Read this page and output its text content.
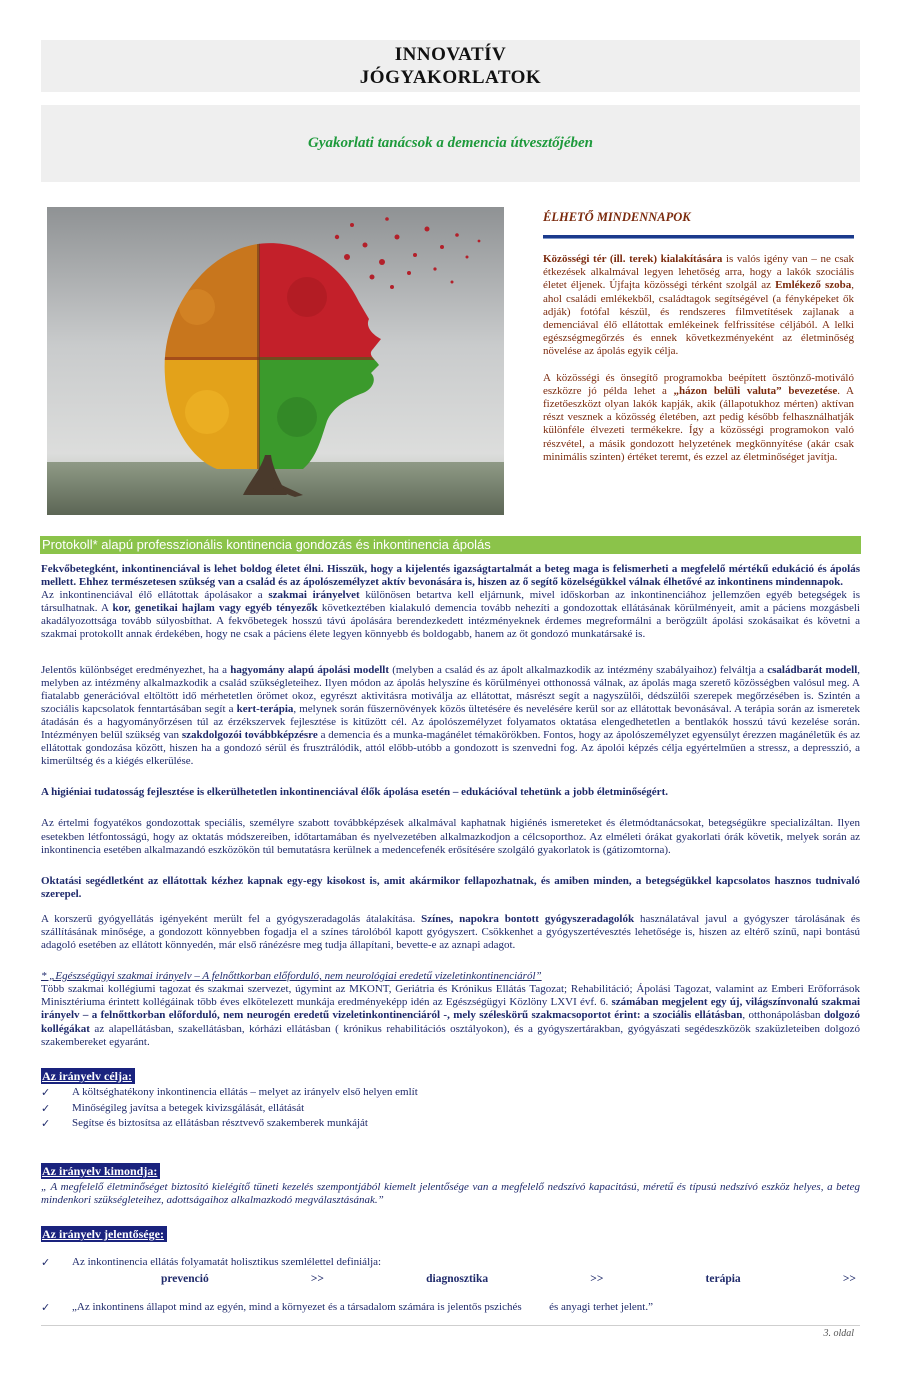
INNOVATÍV
JÓGYAKORLATOK
Gyakorlati tanácsok a demencia útvesztőjében
ÉLHETŐ MINDENNAPOK

Közösségi tér (ill. terek) kialakítására is valós igény van – ne csak étkezések alkalmával legyen lehetőség arra, hogy a lakók szociális életet éljenek. Újfajta közösségi térként szolgál az Emlékező szoba, ahol családi emlékekből, családtagok segítségével (a fényképeket ők adják) fotófal készül, és rendszeres filmvetítések zajlanak a demenciával élő ellátottak emlékeinek felfrissítése céljából. A lelki egészségmegőrzés és ennek következményeként az életminőség növelése az ápolás egyik célja.

A közösségi és önsegítő programokba beépített ösztönző-motiváló eszközre jó példa lehet a „házon belüli valuta” bevezetése. A fizetőeszközt olyan lakók kapják, akik (állapotukhoz mérten) aktívan részt vesznek a közösség életében, azt pedig később felhasználhatják különféle élvezeti termékekre. Így a közösségi programokon való részvétel, a másik gondozott helyzetének megkönnyítése (akár csak minimális szinten) értéket teremt, és ezzel az életminőséget javítja.

Protokoll* alapú professzionális kontinencia gondozás és inkontinencia ápolás

Fekvőbetegként, inkontinenciával is lehet boldog életet élni. Hisszük, hogy a kijelentés igazságtartalmát a beteg maga is felismerheti a megfelelő mértékű edukáció és ápolás mellett. Ehhez természetesen szükség van a család és az ápolószemélyzet aktív bevonására is, hiszen az ő segítő közelségükkel válnak élhetővé az inkontinens mindennapok.

Az inkontinenciával élő ellátottak ápolásakor a szakmai irányelvet különösen betartva kell eljárnunk, mivel időskorban az inkontinenciához jellemzően egyéb betegségek is társulhatnak. A kor, genetikai hajlam vagy egyéb tényezők következtében kialakuló demencia tovább nehezíti a gondozottak ellátásának körülményeit, amit a páciens mozgásbeli akadályozottsága tovább súlyosbíthat. A fekvőbetegek hosszú távú ápolására berendezkedett intézményeknek érdemes megreformálni a berögzült ápolási szokásaikat és követni a szakmai protokollt annak érdekében, hogy ne csak a páciens élete legyen könnyebb és boldogabb, hanem az őt gondozó munkatársaké is.

Jelentős különbséget eredményezhet, ha a hagyomány alapú ápolási modellt (melyben a család és az ápolt alkalmazkodik az intézmény szabályaihoz) felváltja a családbarát modell, melyben az intézmény alkalmazkodik a család szükségleteihez. Ilyen módon az ápolás helyszíne és körülményei otthonossá válnak, az ápolás maga szerető közösségben valósul meg. A fiatalabb generációval eltöltött idő mérhetetlen örömet okoz, egyrészt aktivitásra motiválja az ellátottat, másrészt segít a nagyszülői, dédszülői szerepek megőrzésében is. Szintén a szociális kapcsolatok fenntartásában segít a kert-terápia, melynek során fűszernövények közös ültetésére és nevelésére kerül sor az ellátottak bevonásával. A terápia során az ismeretek átadásán és a hagyományőrzésen túl az érzékszervek fejlesztése is kitűzött cél. Az ápolószemélyzet folyamatos oktatása elengedhetetlen a bentlakók hosszú távú kezelése során. Intézményen belül szükség van szakdolgozói továbbképzésre a demencia és a munka-magánélet témakörökben. Fontos, hogy az ápolószemélyzet egyensúlyt érezzen magánéletük és az ellátottak gondozása között, hiszen ha a gondozó sérül és frusztrálódik, attól előbb-utóbb a gondozott is szenvedni fog. Az ápolói képzés célja egyértelműen a stressz, a depresszió, a kimerültség és a kiégés elkerülése.

A higiéniai tudatosság fejlesztése is elkerülhetetlen inkontinenciával élők ápolása esetén – edukációval tehetünk a jobb életminőségért.

Az értelmi fogyatékos gondozottak speciális, személyre szabott továbbképzések alkalmával kaphatnak higiénés ismereteket és életmódtanácsokat, betegségükre specializáltan. Ilyen esetekben létfontosságú, hogy az oktatás módszereiben, időtartamában és nyelvezetében alkalmazkodjon a célcsoporthoz. Az elméleti órákat gyakorlati órák követik, melyek során az inkontinencia esetében alkalmazandó eszközökön túl bemutatásra kerülnek a medencefenék erősítésére szolgáló gyakorlatok is (gátizomtorna).

Oktatási segédletként az ellátottak kézhez kapnak egy-egy kisokost is, amit akármikor fellapozhatnak, és amiben minden, a betegségükkel kapcsolatos hasznos tudnivaló szerepel.

A korszerű gyógyellátás igényeként merült fel a gyógyszeradagolás átalakítása. Színes, napokra bontott gyógyszeradagolók használatával javul a gyógyszer tárolásának és szállításának minősége, a gondozott könnyebben fogadja el a színes tárolóból kapott gyógyszert. Csökkenhet a gyógyszertévesztés lehetősége is, hiszen az eltérő színű, napi bontású adagoló esetében az ellátott könnyedén, már első ránézésre meg tudja állapítani, bevette-e az aznapi adagot.

* „Egészségügyi szakmai irányelv – A felnőttkorban előforduló, nem neurológiai eredetű vizeletinkontinenciáról”

Több szakmai kollégiumi tagozat és szakmai szervezet, úgymint az MKONT, Geriátria és Krónikus Ellátás Tagozat; Rehabilitáció; Ápolási Tagozat, valamint az Emberi Erőforrások Minisztériuma érintett kollégáinak több éves elkötelezett munkája eredményeképp idén az Egészségügyi Közlöny LXVI évf. 6. számában megjelent egy új, világszínvonalú szakmai irányelv – a felnőttkorban előforduló, nem neurogén eredetű vizeletinkontinenciáról -, mely széleskörű szakmacsoportot érint: a szociális ellátásban, otthonápolásban dolgozó kollégákat az alapellátásban, szakellátásban, kórházi ellátásban ( krónikus rehabilitációs osztályokon), és a gyógyszertárakban, gyógyászati segédeszközök szaküzleteiben dolgozó szakembereket egyaránt.

Az irányelv célja:
✓ A költséghatékony inkontinencia ellátás – melyet az irányelv első helyen említ
✓ Minőségileg javítsa a betegek kivizsgálását, ellátását
✓ Segítse és biztosítsa az ellátásban résztvevő szakemberek munkáját
Az irányelv kimondja:

„ A megfelelő életminőséget biztosító kielégítő tüneti kezelés szempontjából kiemelt jelentősége van a megfelelő nedszívó kapacitású, méretű és típusú nedszívó eszköz helyes, a beteg mindenkori szükségleteihez, adottságaihoz alkalmazkodó megválasztásának.”

Az irányelv jelentősége:
✓ Az inkontinencia ellátás folyamatát holisztikus szemlélettel definiálja:
prevenció	>>	diagnosztika	>>	terápia	>>
✓ „Az inkontinens állapot mind az egyén, mind a környezet és a társadalom számára is jelentős pszichés          és anyagi terhet jelent.”
3. oldal
